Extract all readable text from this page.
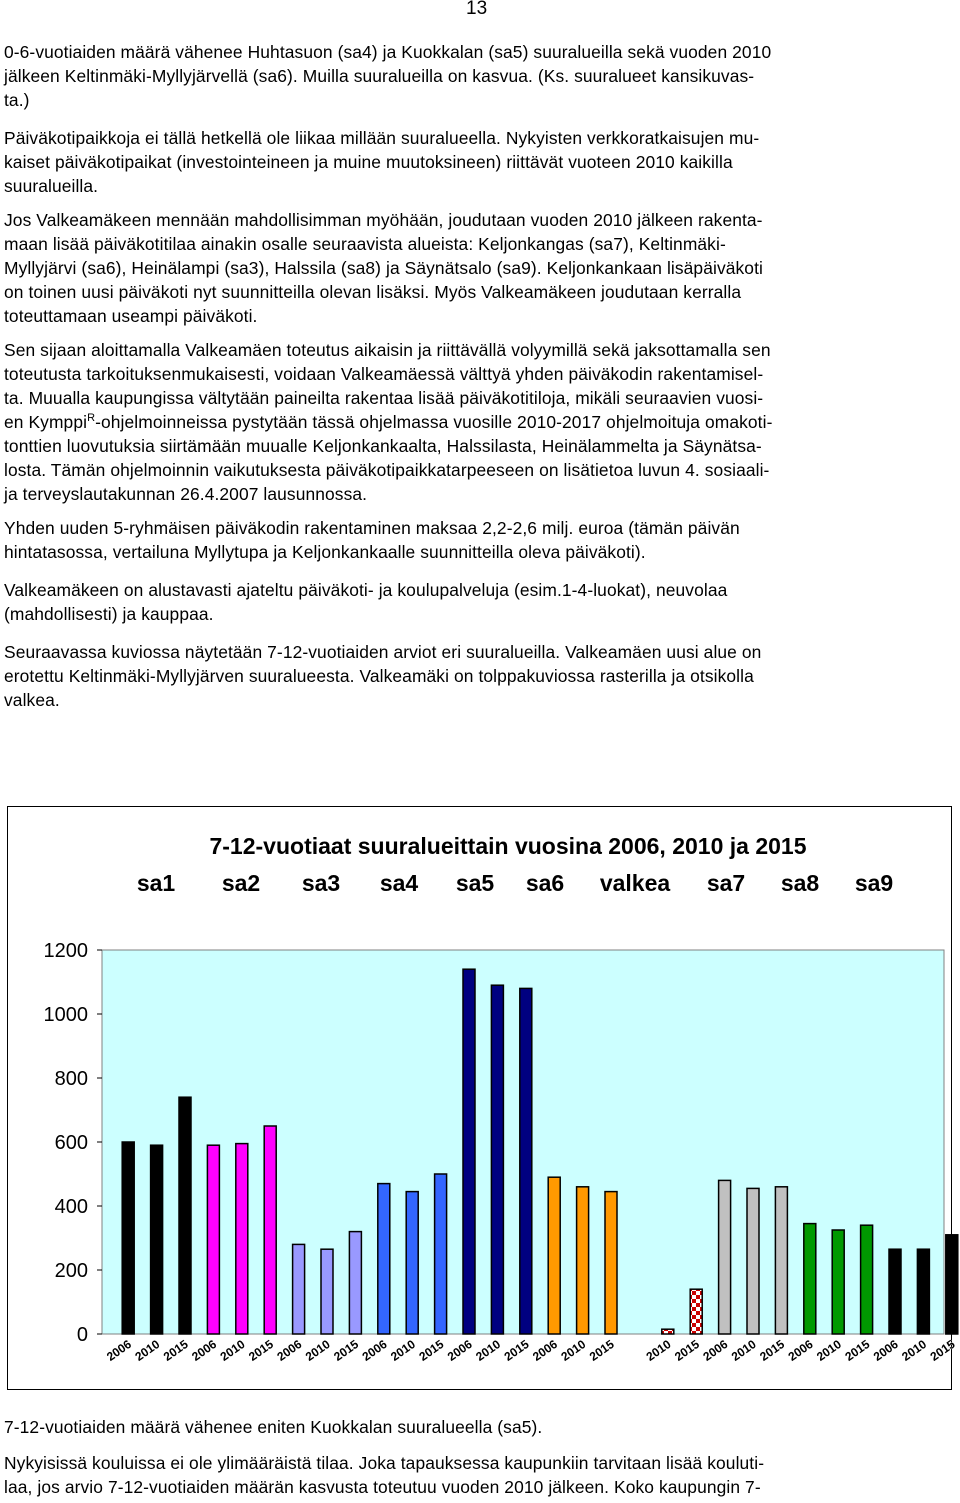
13

0-6-vuotiaiden määrä vähenee Huhtasuon (sa4) ja Kuokkalan (sa5) suuralueilla sekä vuoden 2010
jälkeen Keltinmäki-Myllyjärvellä (sa6). Muilla suuralueilla on kasvua. (Ks. suuralueet kansikuvas-
ta.)

Päiväkotipaikkoja ei tällä hetkellä ole liikaa millään suuralueella. Nykyisten verkkoratkaisujen mu-
kaiset päiväkotipaikat (investointeineen ja muine muutoksineen) riittävät vuoteen 2010 kaikilla
suuralueilla.

Jos Valkeamäkeen mennään mahdollisimman myöhään, joudutaan vuoden 2010 jälkeen rakenta-
maan lisää päiväkotitilaa ainakin osalle seuraavista alueista: Keljonkangas (sa7), Keltinmäki-
Myllyjärvi (sa6), Heinälampi (sa3), Halssila (sa8) ja Säynätsalo (sa9). Keljonkankaan lisäpäiväkoti
on toinen uusi päiväkoti nyt suunnitteilla olevan lisäksi. Myös Valkeamäkeen joudutaan kerralla
toteuttamaan useampi päiväkoti.

Sen sijaan aloittamalla Valkeamäen toteutus aikaisin ja riittävällä volyymillä sekä jaksottamalla sen
toteutusta tarkoituksenmukaisesti, voidaan Valkeamäessä välttyä yhden päiväkodin rakentamisel-
ta. Muualla kaupungissa vältytään paineilta rakentaa lisää päiväkotitiloja, mikäli seuraavien vuosi-
en Kymppi$^R$-ohjelmoinneissa pystytään tässä ohjelmassa vuosille 2010-2017 ohjelmoituja omakoti-
tonttien luovutuksia siirtämään muualle Keljonkankaalta, Halssilasta, Heinälammelta ja Säynätsa-
losta. Tämän ohjelmoinnin vaikutuksesta päiväkotipaikkatarpeeseen on lisätietoa luvun 4. sosiaali-
ja terveyslautakunnan 26.4.2007 lausunnossa.

Yhden uuden 5-ryhmäisen päiväkodin rakentaminen maksaa 2,2-2,6 milj. euroa (tämän päivän
hintatasossa, vertailuna Myllytupa ja Keljonkankaalle suunnitteilla oleva päiväkoti).

Valkeamäkeen on alustavasti ajateltu päiväkoti- ja koulupalveluja (esim.1-4-luokat), neuvolaa
(mahdollisesti) ja kauppaa.

Seuraavassa kuviossa näytetään 7-12-vuotiaiden arviot eri suuralueilla. Valkeamäen uusi alue on
erotettu Keltinmäki-Myllyjärven suuralueesta. Valkeamäki on tolppakuviossa rasterilla ja otsikolla
valkea.

7-12-vuotiaat suuralueittain vuosina 2006, 2010 ja 2015
sa1 sa2 sa3 sa4 sa5 sa6 valkea sa7 sa8 sa9
0
200
400
600
800
1000
1200
2006
2010
2015
2006
2010
2015
2006
2010
2015
2006
2010
2015
2006
2010
2015
2006
2010
2015 2010
2015
2006
2010
2015
2006
2010
2015
2006
2010
2015

7-12-vuotiaiden määrä vähenee eniten Kuokkalan suuralueella (sa5).

Nykyisissä kouluissa ei ole ylimääräistä tilaa. Joka tapauksessa kaupunkiin tarvitaan lisää kouluti-
laa, jos arvio 7-12-vuotiaiden määrän kasvusta toteutuu vuoden 2010 jälkeen. Koko kaupungin 7-
